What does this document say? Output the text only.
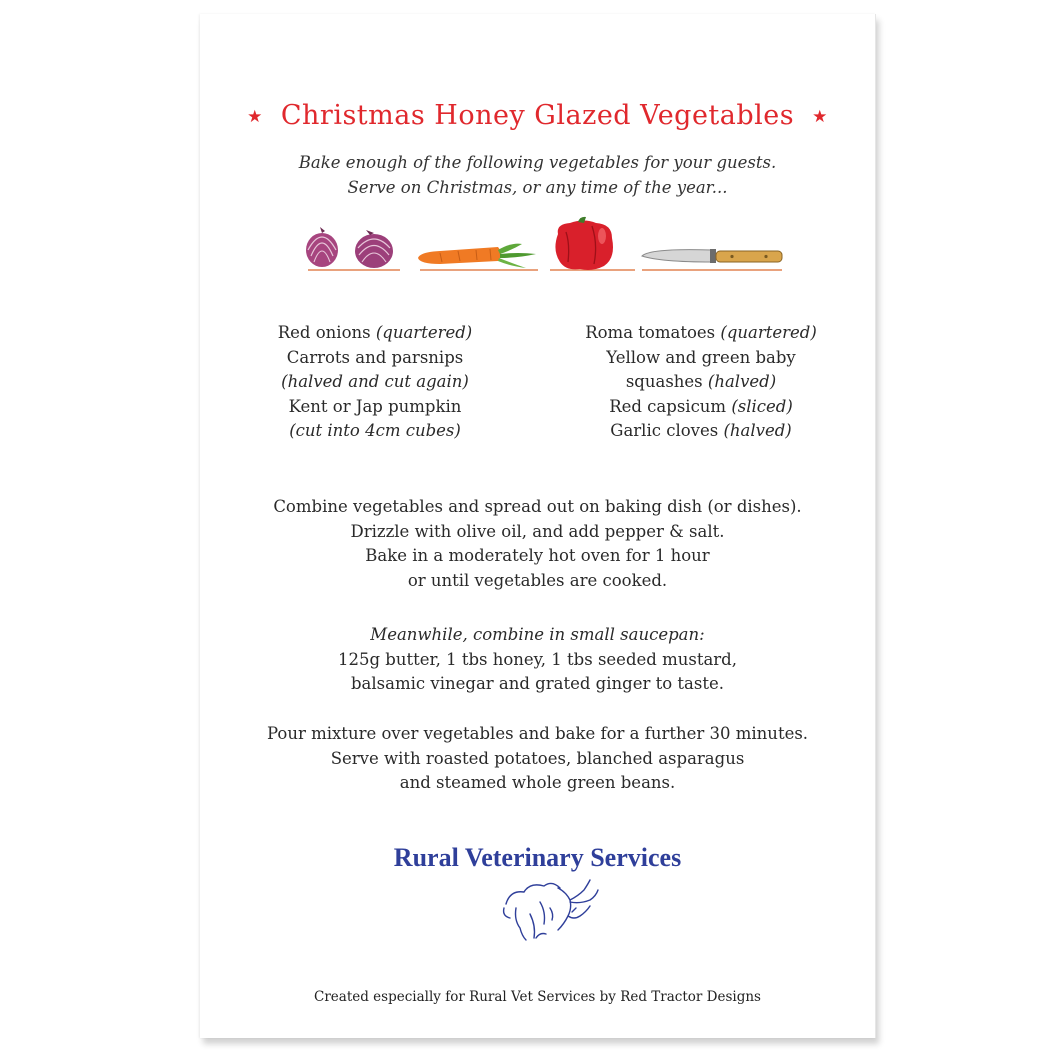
★ Christmas Honey Glazed Vegetables ★
Bake enough of the following vegetables for your guests.
Serve on Christmas, or any time of the year...
Red onions (quartered)
Carrots and parsnips
(halved and cut again)
Kent or Jap pumpkin
(cut into 4cm cubes)
Roma tomatoes (quartered)
Yellow and green baby
squashes (halved)
Red capsicum (sliced)
Garlic cloves (halved)
Combine vegetables and spread out on baking dish (or dishes).
Drizzle with olive oil, and add pepper & salt.
Bake in a moderately hot oven for 1 hour
or until vegetables are cooked.
Meanwhile, combine in small saucepan:
125g butter, 1 tbs honey, 1 tbs seeded mustard,
balsamic vinegar and grated ginger to taste.
Pour mixture over vegetables and bake for a further 30 minutes.
Serve with roasted potatoes, blanched asparagus
and steamed whole green beans.
Rural Veterinary Services
Created especially for Rural Vet Services by Red Tractor Designs
